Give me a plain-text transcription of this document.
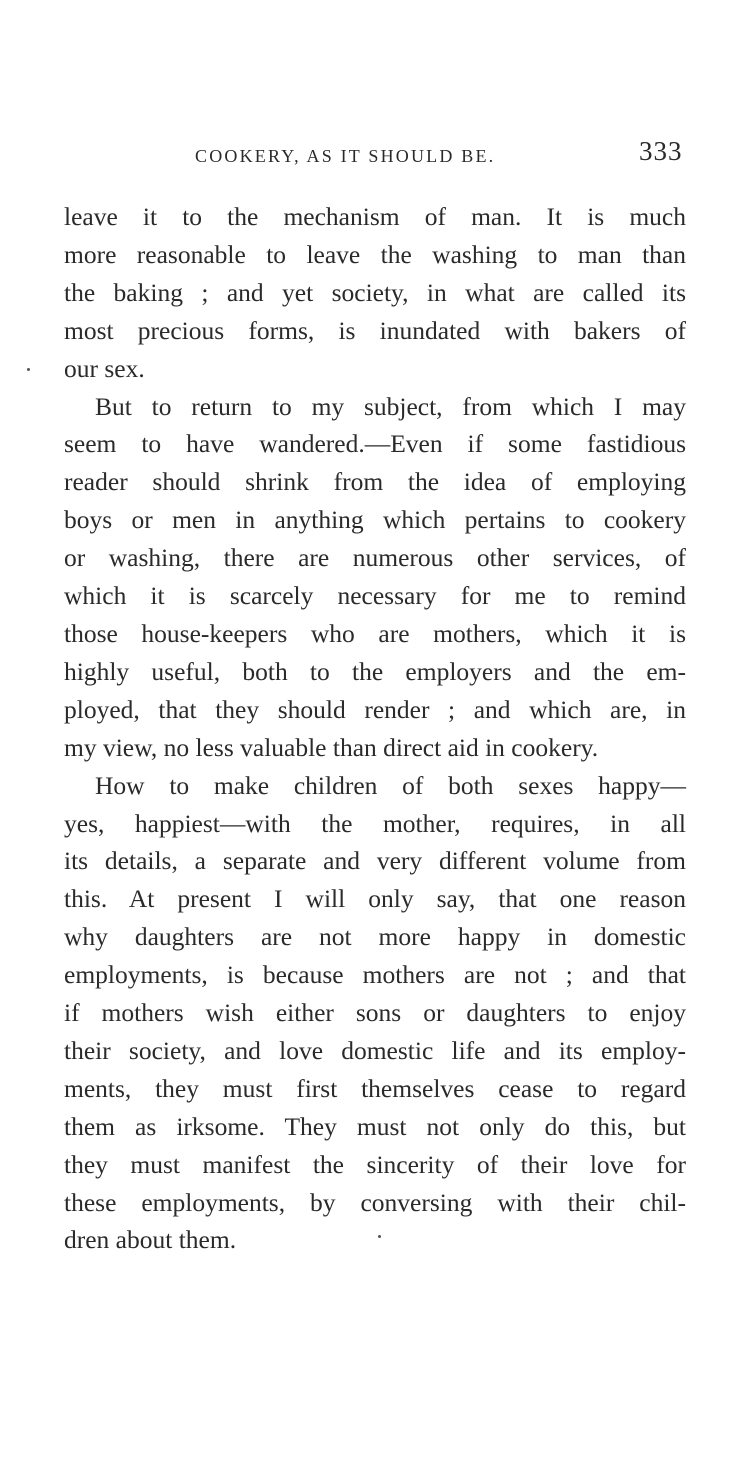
COOKERY, AS IT SHOULD BE.	333
leave it to the mechanism of man. It is much
more reasonable to leave the washing to man than
the baking ; and yet society, in what are called its
most precious forms, is inundated with bakers of
our sex.
But to return to my subject, from which I may
seem to have wandered.—Even if some fastidious
reader should shrink from the idea of employing
boys or men in anything which pertains to cookery
or washing, there are numerous other services, of
which it is scarcely necessary for me to remind
those house-keepers who are mothers, which it is
highly useful, both to the employers and the em-
ployed, that they should render ; and which are, in
my view, no less valuable than direct aid in cookery.
How to make children of both sexes happy—
yes, happiest—with the mother, requires, in all
its details, a separate and very different volume from
this. At present I will only say, that one reason
why daughters are not more happy in domestic
employments, is because mothers are not ; and that
if mothers wish either sons or daughters to enjoy
their society, and love domestic life and its employ-
ments, they must first themselves cease to regard
them as irksome. They must not only do this, but
they must manifest the sincerity of their love for
these employments, by conversing with their chil-
dren about them.
